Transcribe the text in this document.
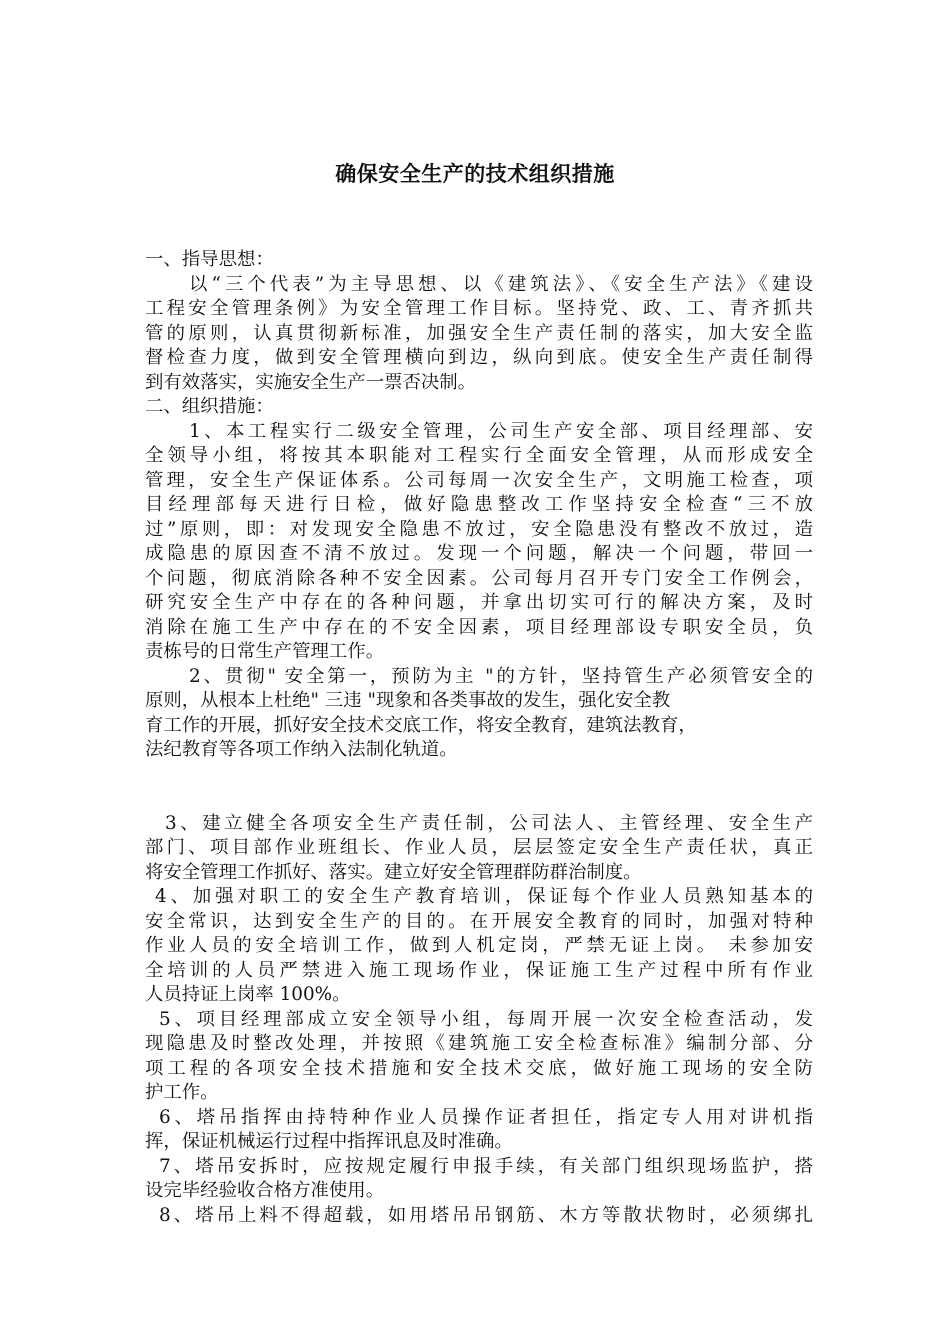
确保安全生产的技术组织措施
一、指导思想：
以“三个代表”为主导思想、以《建筑法》、《安全生产法》《建设
工程安全管理条例》为安全管理工作目标。坚持党、政、工、青齐抓共
管的原则，认真贯彻新标准，加强安全生产责任制的落实，加大安全监
督检查力度，做到安全管理横向到边，纵向到底。使安全生产责任制得
到有效落实，实施安全生产一票否决制。
二、组织措施：
1、本工程实行二级安全管理，公司生产安全部、项目经理部、安
全领导小组，将按其本职能对工程实行全面安全管理，从而形成安全
管理，安全生产保证体系。公司每周一次安全生产，文明施工检查，项
目经理部每天进行日检，做好隐患整改工作坚持安全检查“三不放
过”原则，即：对发现安全隐患不放过，安全隐患没有整改不放过，造
成隐患的原因查不清不放过。发现一个问题，解决一个问题，带回一
个问题，彻底消除各种不安全因素。公司每月召开专门安全工作例会，
研究安全生产中存在的各种问题，并拿出切实可行的解决方案，及时
消除在施工生产中存在的不安全因素，项目经理部设专职安全员，负
责栋号的日常生产管理工作。
2、贯彻" 安全第一，预防为主 "的方针，坚持管生产必须管安全的
原则，从根本上杜绝" 三违 "现象和各类事故的发生，强化安全教
育工作的开展，抓好安全技术交底工作，将安全教育，建筑法教育，
法纪教育等各项工作纳入法制化轨道。
3、建立健全各项安全生产责任制，公司法人、主管经理、安全生产
部门、项目部作业班组长、作业人员，层层签定安全生产责任状，真正
将安全管理工作抓好、落实。建立好安全管理群防群治制度。
4、加强对职工的安全生产教育培训，保证每个作业人员熟知基本的
安全常识，达到安全生产的目的。在开展安全教育的同时，加强对特种
作业人员的安全培训工作，做到人机定岗，严禁无证上岗。 未参加安
全培训的人员严禁进入施工现场作业，保证施工生产过程中所有作业
人员持证上岗率 100%。
5、项目经理部成立安全领导小组，每周开展一次安全检查活动，发
现隐患及时整改处理，并按照《建筑施工安全检查标准》编制分部、分
项工程的各项安全技术措施和安全技术交底，做好施工现场的安全防
护工作。
6、塔吊指挥由持特种作业人员操作证者担任，指定专人用对讲机指
挥，保证机械运行过程中指挥讯息及时准确。
7、塔吊安拆时，应按规定履行申报手续，有关部门组织现场监护，搭
设完毕经验收合格方准使用。
8、塔吊上料不得超载，如用塔吊吊钢筋、木方等散状物时，必须绑扎
